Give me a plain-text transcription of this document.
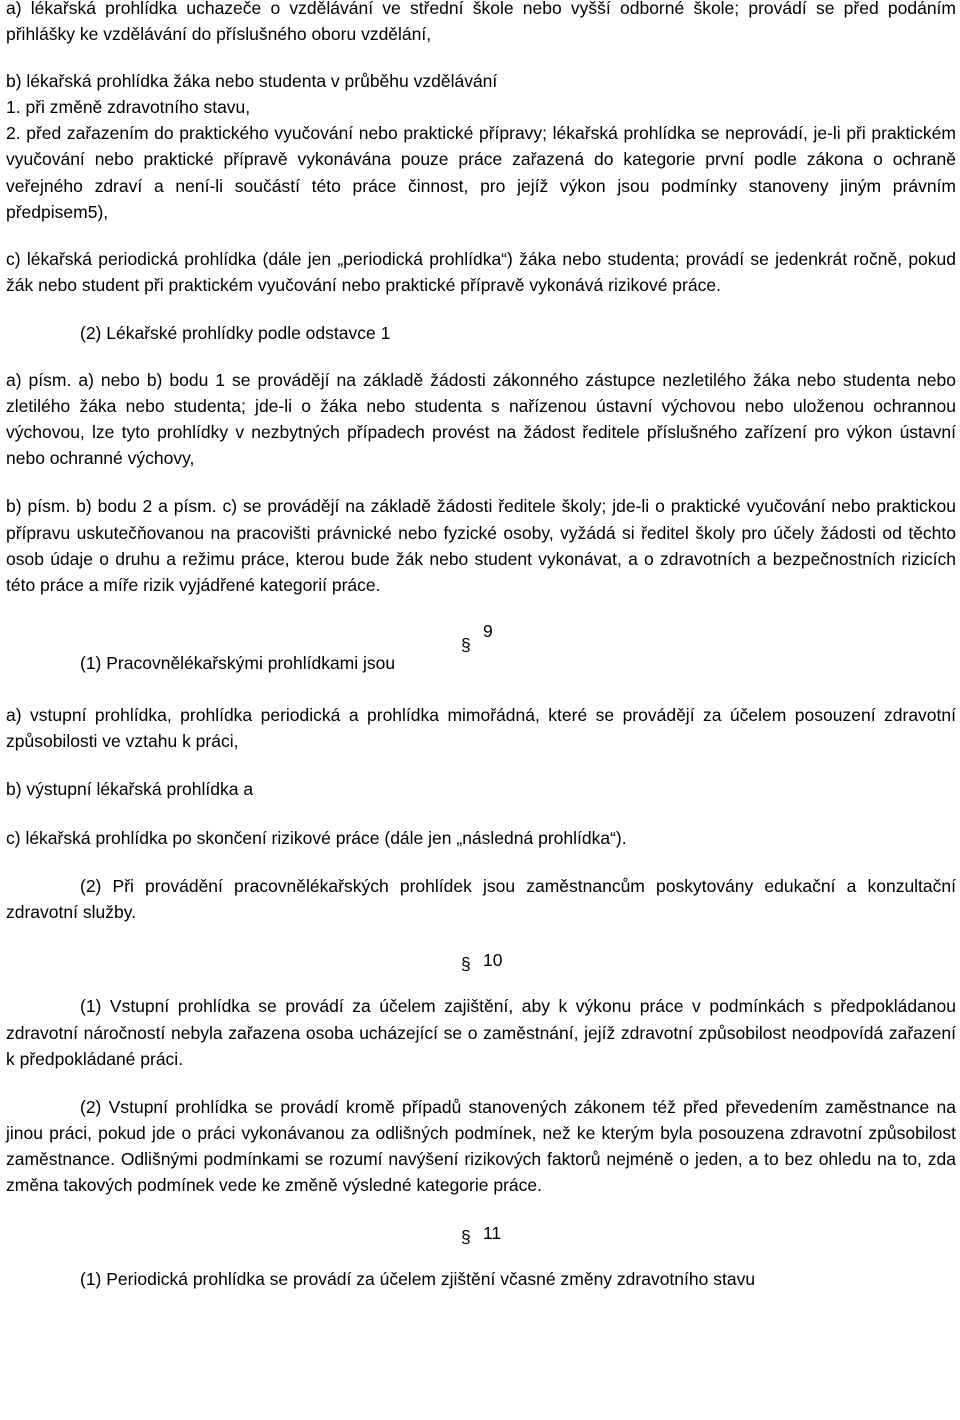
a) lékařská prohlídka uchazeče o vzdělávání ve střední škole nebo vyšší odborné škole; provádí se před podáním přihlášky ke vzdělávání do příslušného oboru vzdělání,

b) lékařská prohlídka žáka nebo studenta v průběhu vzdělávání

1. při změně zdravotního stavu,

2. před zařazením do praktického vyučování nebo praktické přípravy; lékařská prohlídka se neprovádí, je-li při praktickém vyučování nebo praktické přípravě vykonávána pouze práce zařazená do kategorie první podle zákona o ochraně veřejného zdraví a není-li součástí této práce činnost, pro jejíž výkon jsou podmínky stanoveny jiným právním předpisem5),

c) lékařská periodická prohlídka (dále jen „periodická prohlídka“) žáka nebo studenta; provádí se jedenkrát ročně, pokud žák nebo student při praktickém vyučování nebo praktické přípravě vykonává rizikové práce.

(2) Lékařské prohlídky podle odstavce 1

a) písm. a) nebo b) bodu 1 se provádějí na základě žádosti zákonného zástupce nezletilého žáka nebo studenta nebo zletilého žáka nebo studenta; jde-li o žáka nebo studenta s nařízenou ústavní výchovou nebo uloženou ochrannou výchovou, lze tyto prohlídky v nezbytných případech provést na žádost ředitele příslušného zařízení pro výkon ústavní nebo ochranné výchovy,

b) písm. b) bodu 2 a písm. c) se provádějí na základě žádosti ředitele školy; jde-li o praktické vyučování nebo praktickou přípravu uskutečňovanou na pracovišti právnické nebo fyzické osoby, vyžádá si ředitel školy pro účely žádosti od těchto osob údaje o druhu a režimu práce, kterou bude žák nebo student vykonávat, a o zdravotních a bezpečnostních rizicích této práce a míře rizik vyjádřené kategorií práce.

§
9

(1) Pracovnělékařskými prohlídkami jsou

a) vstupní prohlídka, prohlídka periodická a prohlídka mimořádná, které se provádějí za účelem posouzení zdravotní způsobilosti ve vztahu k práci,

b) výstupní lékařská prohlídka a

c) lékařská prohlídka po skončení rizikové práce (dále jen „následná prohlídka“).

(2) Při provádění pracovnělékařských prohlídek jsou zaměstnancům poskytovány edukační a konzultační zdravotní služby.

§ 10

(1) Vstupní prohlídka se provádí za účelem zajištění, aby k výkonu práce v podmínkách s předpokládanou zdravotní náročností nebyla zařazena osoba ucházející se o zaměstnání, jejíž zdravotní způsobilost neodpovídá zařazení k předpokládané práci.

(2) Vstupní prohlídka se provádí kromě případů stanovených zákonem též před převedením zaměstnance na jinou práci, pokud jde o práci vykonávanou za odlišných podmínek, než ke kterým byla posouzena zdravotní způsobilost zaměstnance. Odlišnými podmínkami se rozumí navýšení rizikových faktorů nejméně o jeden, a to bez ohledu na to, zda změna takových podmínek vede ke změně výsledné kategorie práce.

§ 11

(1) Periodická prohlídka se provádí za účelem zjištění včasné změny zdravotního stavu
